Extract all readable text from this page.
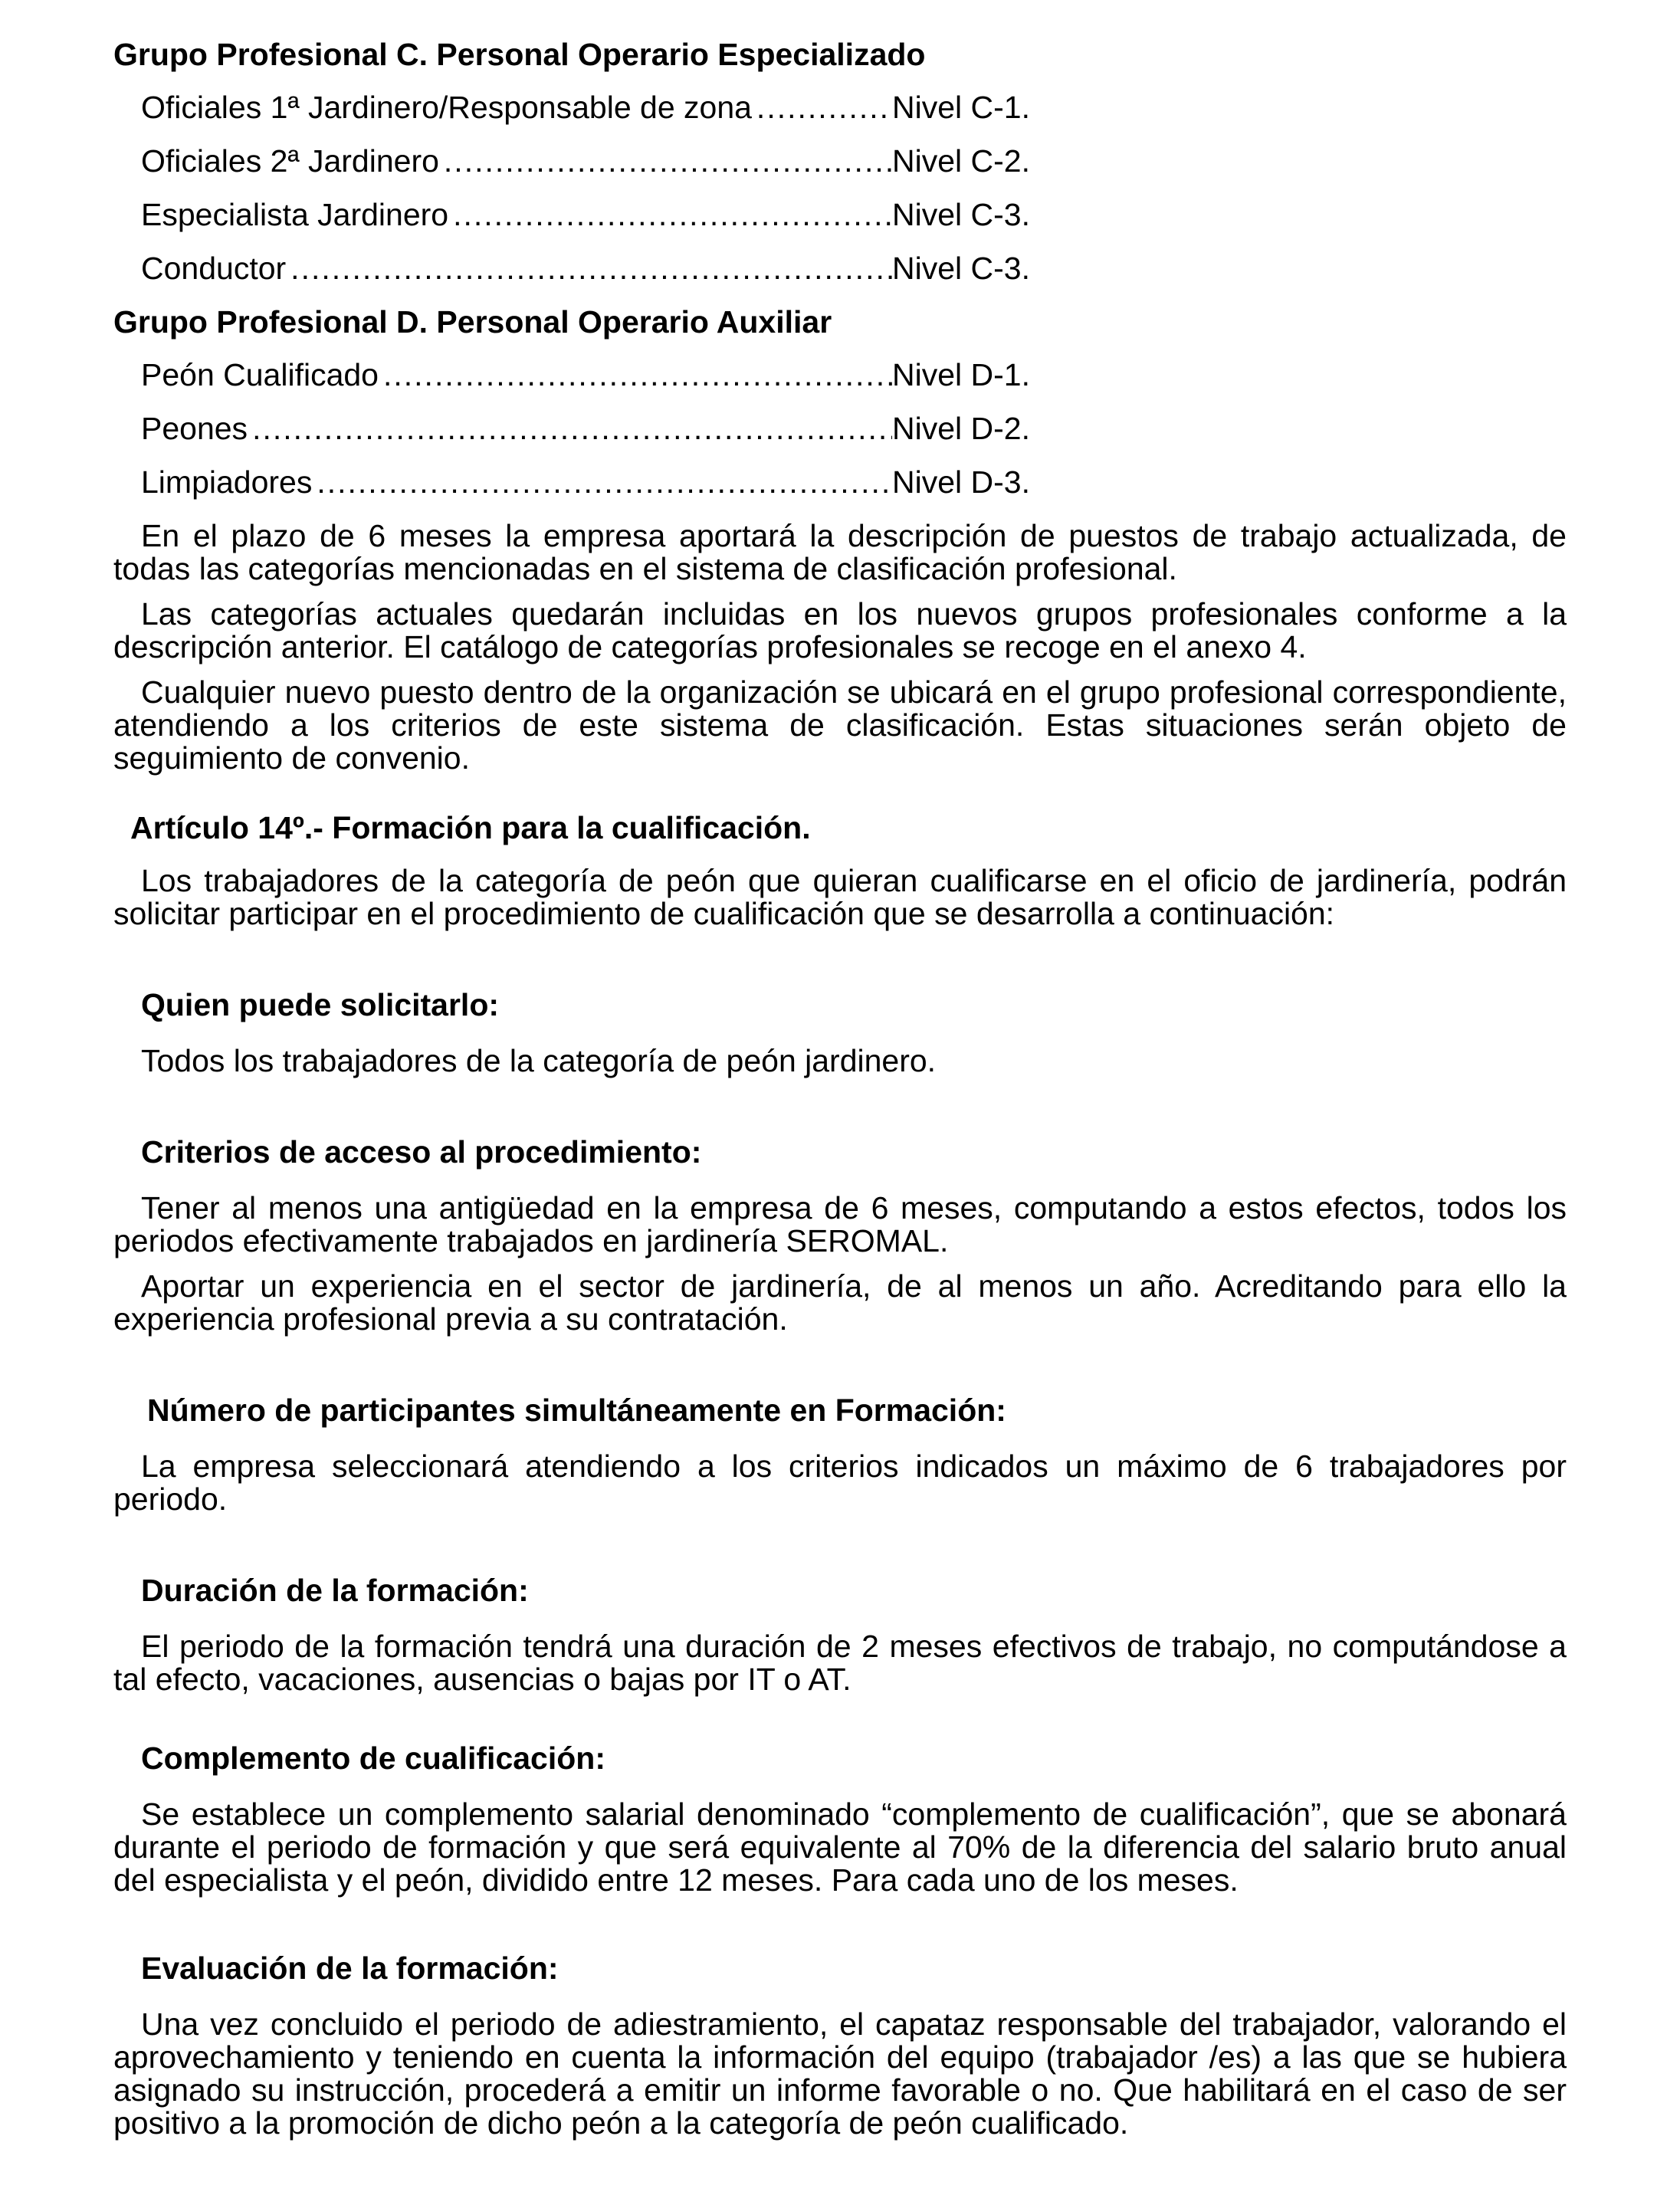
Grupo Profesional C. Personal Operario Especializado
Oficiales 1ª Jardinero/Responsable de zona .....	Nivel C-1.
Oficiales 2ª Jardinero .....	Nivel C-2.
Especialista Jardinero .....	Nivel C-3.
Conductor .....	Nivel C-3.
Grupo Profesional D. Personal Operario Auxiliar
Peón Cualificado .....	Nivel D-1.
Peones .....	Nivel D-2.
Limpiadores .....	Nivel D-3.

En el plazo de 6 meses la empresa aportará la descripción de puestos de trabajo actualizada, de todas las categorías mencionadas en el sistema de clasificación profesional.

Las categorías actuales quedarán incluidas en los nuevos grupos profesionales conforme a la descripción anterior. El catálogo de categorías profesionales se recoge en el anexo 4.

Cualquier nuevo puesto dentro de la organización se ubicará en el grupo profesional correspondiente, atendiendo a los criterios de este sistema de clasificación. Estas situaciones serán objeto de seguimiento de convenio.

Artículo 14º.- Formación para la cualificación.

Los trabajadores de la categoría de peón que quieran cualificarse en el oficio de jardinería, podrán solicitar participar en el procedimiento de cualificación que se desarrolla a continuación:

Quien puede solicitarlo:

Todos los trabajadores de la categoría de peón jardinero.

Criterios de acceso al procedimiento:

Tener al menos una antigüedad en la empresa de 6 meses, computando a estos efectos, todos los periodos efectivamente trabajados en jardinería SEROMAL.

Aportar un experiencia en el sector de jardinería, de al menos un año. Acreditando para ello la experiencia profesional previa a su contratación.

Número de participantes simultáneamente en Formación:

La empresa seleccionará atendiendo a los criterios indicados un máximo de 6 trabajadores por periodo.

Duración de la formación:

El periodo de la formación tendrá una duración de 2 meses efectivos de trabajo, no computándose a tal efecto, vacaciones, ausencias o bajas por IT o AT.

Complemento de cualificación:

Se establece un complemento salarial denominado “complemento de cualificación”, que se abonará durante el periodo de formación y que será equivalente al 70% de la diferencia del salario bruto anual del especialista y el peón, dividido entre 12 meses. Para cada uno de los meses.

Evaluación de la formación:

Una vez concluido el periodo de adiestramiento, el capataz responsable del trabajador, valorando el aprovechamiento y teniendo en cuenta la información del equipo (trabajador /es) a las que se hubiera asignado su instrucción, procederá a emitir un informe favorable o no. Que habilitará en el caso de ser positivo a la promoción de dicho peón a la categoría de peón cualificado.
